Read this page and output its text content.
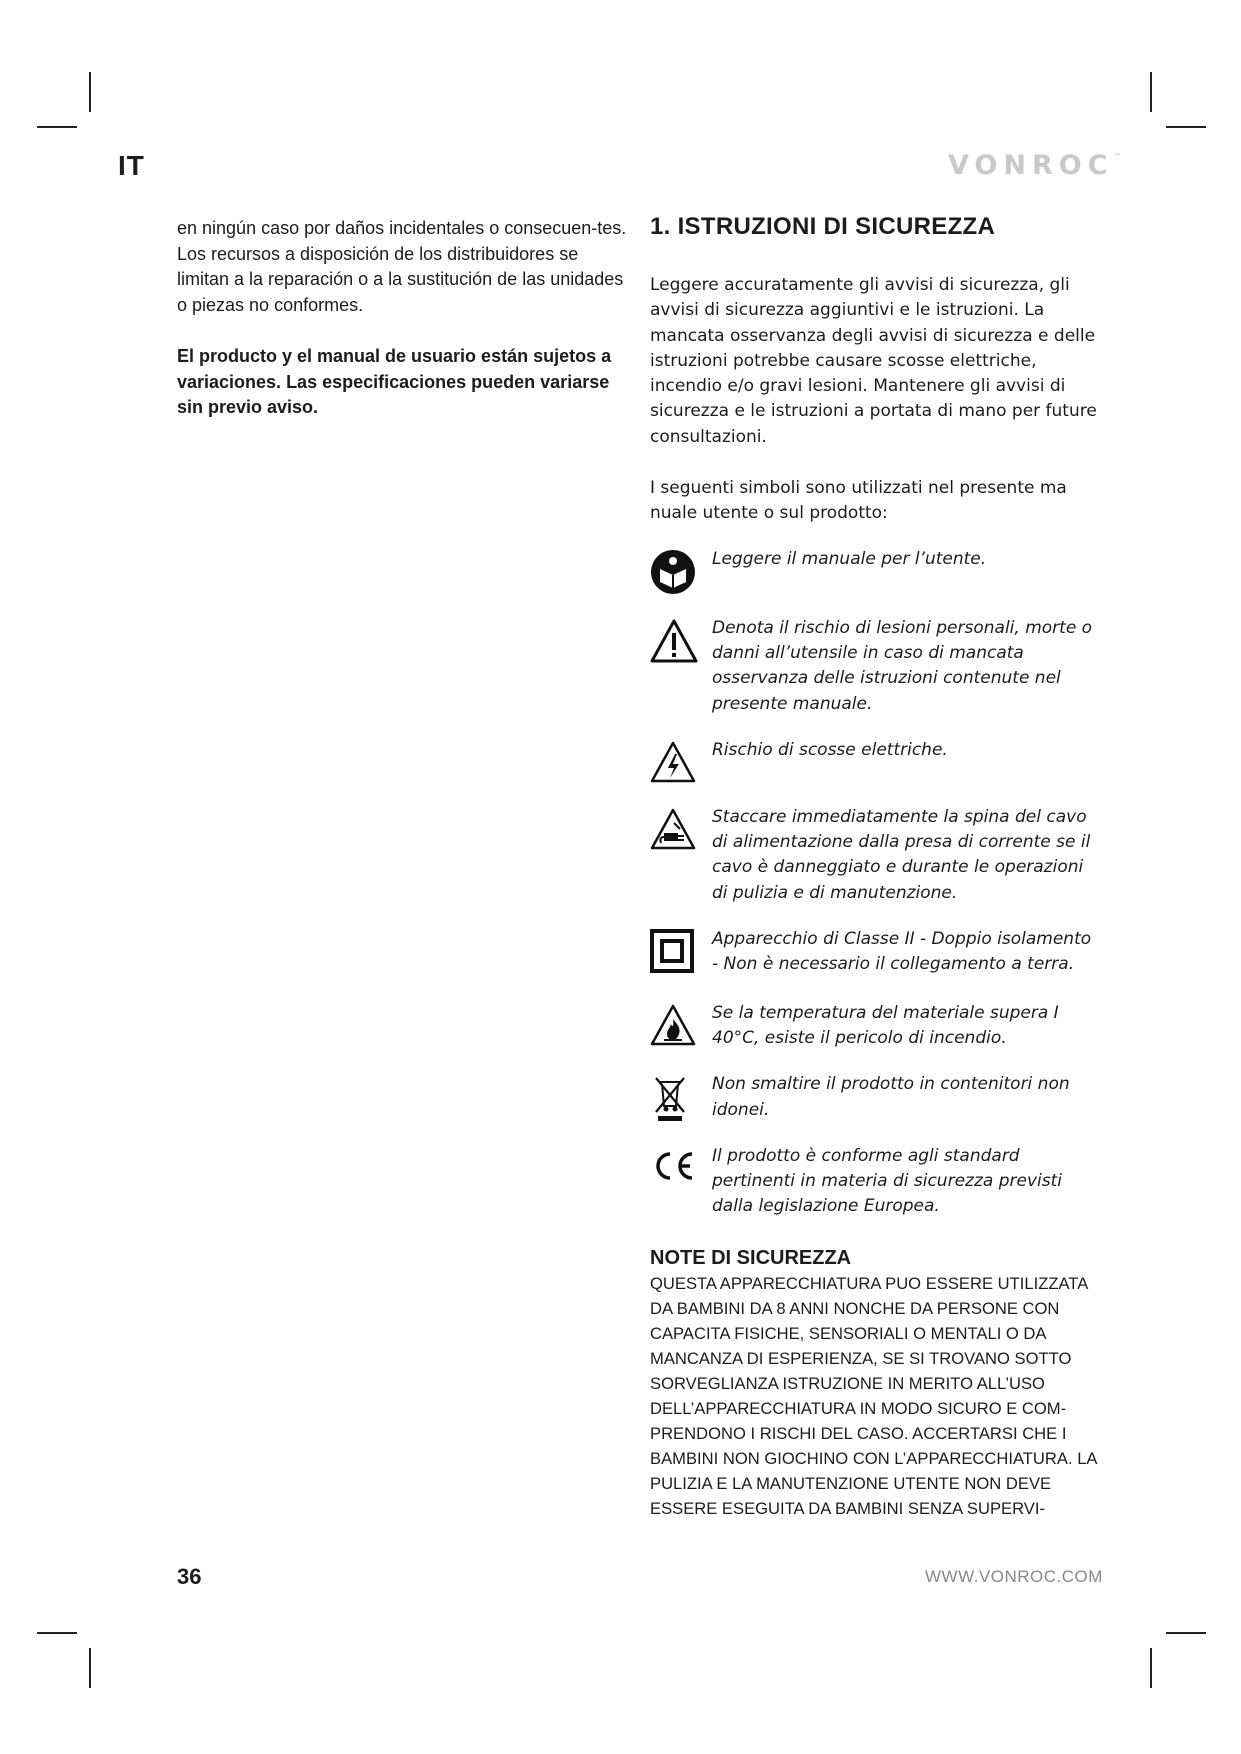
IT	VONROC™

en ningún caso por daños incidentales o consecuen-tes. Los recursos a disposición de los distribuidores se limitan a la reparación o a la sustitución de las unidades o piezas no conformes.

El producto y el manual de usuario están sujetos a variaciones. Las especificaciones pueden variarse sin previo aviso.

1. ISTRUZIONI DI SICUREZZA

Leggere accuratamente gli avvisi di sicurezza, gli avvisi di sicurezza aggiuntivi e le istruzioni. La mancata osservanza degli avvisi di sicurezza e delle istruzioni potrebbe causare scosse elettriche, incendio e/o gravi lesioni. Mantenere gli avvisi di sicurezza e le istruzioni a portata di mano per future consultazioni.

I seguenti simboli sono utilizzati nel presente ma nuale utente o sul prodotto:

Leggere il manuale per l’utente.
Denota il rischio di lesioni personali, morte o danni all’utensile in caso di mancata osservanza delle istruzioni contenute nel presente manuale.
Rischio di scosse elettriche.
Staccare immediatamente la spina del cavo di alimentazione dalla presa di corrente se il cavo è danneggiato e durante le operazioni di pulizia e di manutenzione.
Apparecchio di Classe II - Doppio isolamento - Non è necessario il collegamento a terra.
Se la temperatura del materiale supera I 40°C, esiste il pericolo di incendio.
Non smaltire il prodotto in contenitori non idonei.
Il prodotto è conforme agli standard pertinenti in materia di sicurezza previsti dalla legislazione Europea.
NOTE DI SICUREZZA

QUESTA APPARECCHIATURA PUO ESSERE UTILIZZATA DA BAMBINI DA 8 ANNI NONCHE DA PERSONE CON CAPACITA FISICHE, SENSORIALI O MENTALI O DA MANCANZA DI ESPERIENZA, SE SI TROVANO SOTTO SORVEGLIANZA ISTRUZIONE IN MERITO ALL’USO DELL’APPARECCHIATURA IN MODO SICURO E COM-PRENDONO I RISCHI DEL CASO. ACCERTARSI CHE I BAMBINI NON GIOCHINO CON L’APPARECCHIATURA. LA PULIZIA E LA MANUTENZIONE UTENTE NON DEVE ESSERE ESEGUITA DA BAMBINI SENZA SUPERVI-

36	WWW.VONROC.COM
